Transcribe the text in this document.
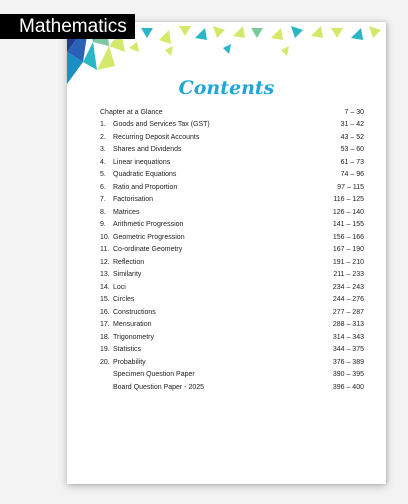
Mathematics
Contents
Chapter at a Glance	7 – 30
1.	Goods and Services Tax (GST)	31 – 42
2.	Recurring Deposit Accounts	43 – 52
3.	Shares and Dividends	53 – 60
4.	Linear inequations	61 – 73
5.	Quadratic Equations	74 – 96
6.	Ratio and Proportion	97 – 115
7.	Factorisation	116 – 125
8.	Matrices	126 – 140
9.	Arithmetic Progression	141 – 155
10. Geometric Progression	156 – 166
11. Co-ordinate Geometry	167 – 190
12. Reflection	191 – 210
13. Similarity	211 – 233
14. Loci	234 – 243
15. Circles	244 – 276
16. Constructions	277 – 287
17. Mensuration	288 – 313
18. Trigonometry	314 – 343
19. Statistics	344 – 375
20. Probability	376 – 389
Specimen Question Paper	390 – 395
Board Question Paper - 2025	396 – 400
